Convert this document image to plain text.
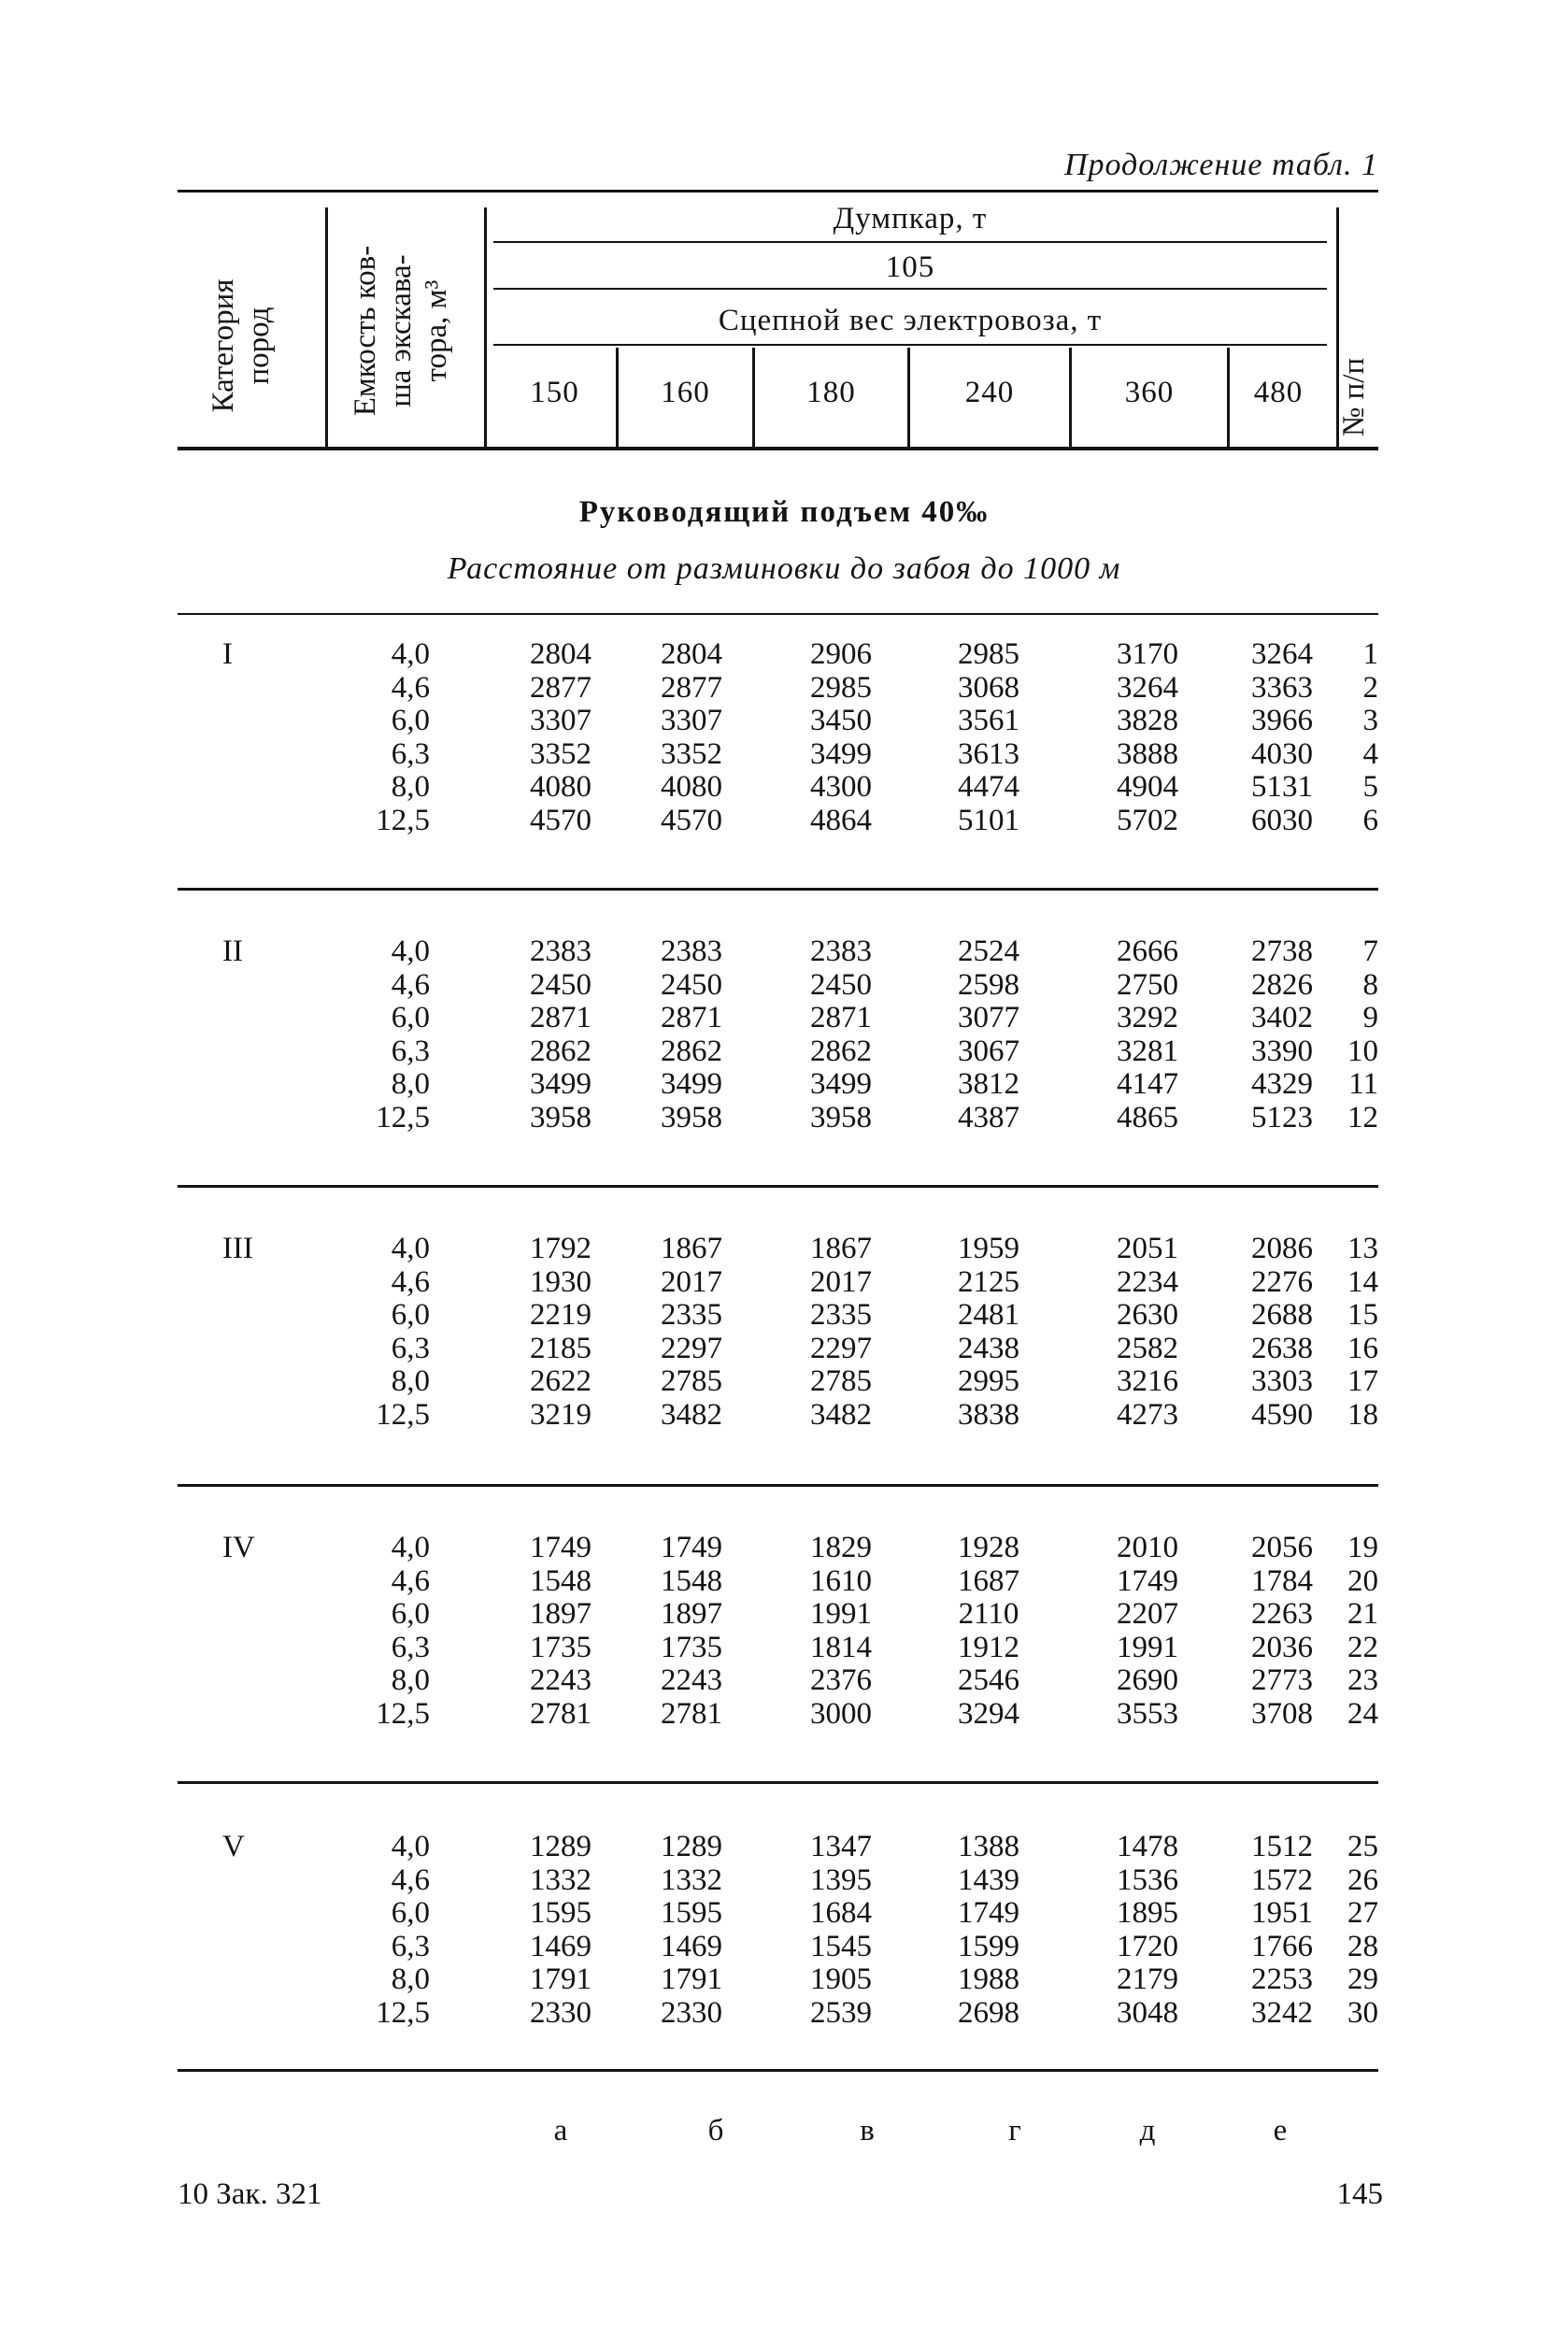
Продолжение табл. 1
Категория пород Емкость ков- ша экскава- тора, м³
№ п/п
Думпкар, т
105
Сцепной вес электровоза, т
150	160	180	240	360	480
Руководящий подъем 40‰
Расстояние от разминовки до забоя до 1000 м
I	4,0	2804	2804	2906	2985	3170	3264	1
4,6	2877	2877	2985	3068	3264	3363	2
6,0	3307	3307	3450	3561	3828	3966	3
6,3	3352	3352	3499	3613	3888	4030	4
8,0	4080	4080	4300	4474	4904	5131	5
12,5	4570	4570	4864	5101	5702	6030	6
II	4,0	2383	2383	2383	2524	2666	2738	7
4,6	2450	2450	2450	2598	2750	2826	8
6,0	2871	2871	2871	3077	3292	3402	9
6,3	2862	2862	2862	3067	3281	3390	10
8,0	3499	3499	3499	3812	4147	4329	11
12,5	3958	3958	3958	4387	4865	5123	12
III	4,0	1792	1867	1867	1959	2051	2086	13
4,6	1930	2017	2017	2125	2234	2276	14
6,0	2219	2335	2335	2481	2630	2688	15
6,3	2185	2297	2297	2438	2582	2638	16
8,0	2622	2785	2785	2995	3216	3303	17
12,5	3219	3482	3482	3838	4273	4590	18
IV	4,0	1749	1749	1829	1928	2010	2056	19
4,6	1548	1548	1610	1687	1749	1784	20
6,0	1897	1897	1991	2110	2207	2263	21
6,3	1735	1735	1814	1912	1991	2036	22
8,0	2243	2243	2376	2546	2690	2773	23
12,5	2781	2781	3000	3294	3553	3708	24
V	4,0	1289	1289	1347	1388	1478	1512	25
4,6	1332	1332	1395	1439	1536	1572	26
6,0	1595	1595	1684	1749	1895	1951	27
6,3	1469	1469	1545	1599	1720	1766	28
8,0	1791	1791	1905	1988	2179	2253	29
12,5	2330	2330	2539	2698	3048	3242	30
а	б	в	г	д	е
10 Зак. 321	145
